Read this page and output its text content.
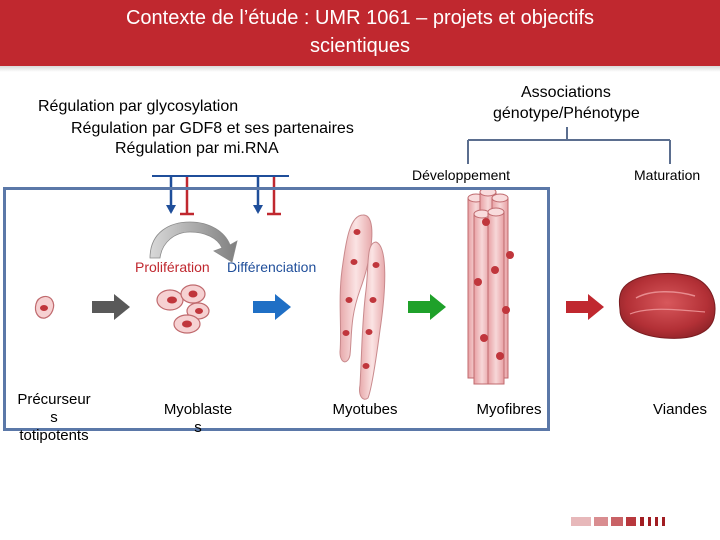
Contexte de l’étude : UMR 1061 – projets et objectifs
scientiques
Régulation par glycosylation
Régulation par GDF8 et ses partenaires
Régulation par mi.RNA
Associations
génotype/Phénotype
Développement	Maturation
Prolifération Différenciation
Précurseur
s
totipotents
Myoblaste
s
Myotubes	Myofibres	Viandes
